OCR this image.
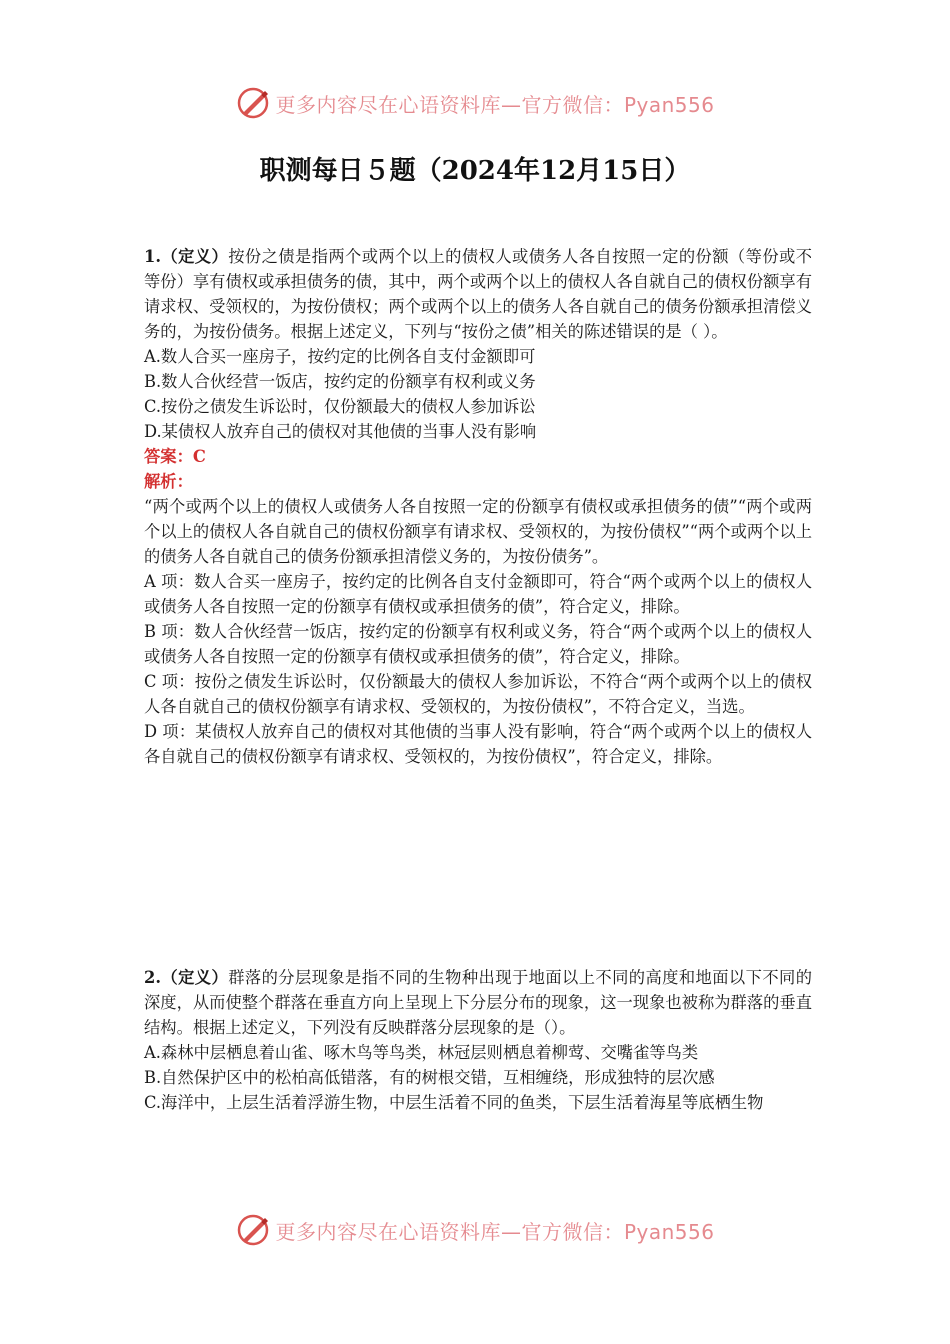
更多内容尽在心语资料库—官方微信：Pyan556
职测每日５题（2024年12月15日）

1.（定义）按份之债是指两个或两个以上的债权人或债务人各自按照一定的份额（等份或不等份）享有债权或承担债务的债，其中，两个或两个以上的债权人各自就自己的债权份额享有请求权、受领权的，为按份债权；两个或两个以上的债务人各自就自己的债务份额承担清偿义务的，为按份债务。根据上述定义，下列与“按份之债”相关的陈述错误的是（ ）。

A.数人合买一座房子，按约定的比例各自支付金额即可

B.数人合伙经营一饭店，按约定的份额享有权利或义务

C.按份之债发生诉讼时，仅份额最大的债权人参加诉讼

D.某债权人放弃自己的债权对其他债的当事人没有影响

答案：C

解析：

“两个或两个以上的债权人或债务人各自按照一定的份额享有债权或承担债务的债”“两个或两个以上的债权人各自就自己的债权份额享有请求权、受领权的，为按份债权”“两个或两个以上的债务人各自就自己的债务份额承担清偿义务的，为按份债务”。

A 项：数人合买一座房子，按约定的比例各自支付金额即可，符合“两个或两个以上的债权人或债务人各自按照一定的份额享有债权或承担债务的债”，符合定义，排除。

B 项：数人合伙经营一饭店，按约定的份额享有权利或义务，符合“两个或两个以上的债权人或债务人各自按照一定的份额享有债权或承担债务的债”，符合定义，排除。

C 项：按份之债发生诉讼时，仅份额最大的债权人参加诉讼，不符合“两个或两个以上的债权人各自就自己的债权份额享有请求权、受领权的，为按份债权”，不符合定义，当选。

D 项：某债权人放弃自己的债权对其他债的当事人没有影响，符合“两个或两个以上的债权人各自就自己的债权份额享有请求权、受领权的，为按份债权”，符合定义，排除。

2.（定义）群落的分层现象是指不同的生物种出现于地面以上不同的高度和地面以下不同的深度，从而使整个群落在垂直方向上呈现上下分层分布的现象，这一现象也被称为群落的垂直结构。根据上述定义，下列没有反映群落分层现象的是（）。

A.森林中层栖息着山雀、啄木鸟等鸟类，林冠层则栖息着柳莺、交嘴雀等鸟类

B.自然保护区中的松柏高低错落，有的树根交错，互相缠绕，形成独特的层次感

C.海洋中，上层生活着浮游生物，中层生活着不同的鱼类，下层生活着海星等底栖生物

更多内容尽在心语资料库—官方微信：Pyan556
